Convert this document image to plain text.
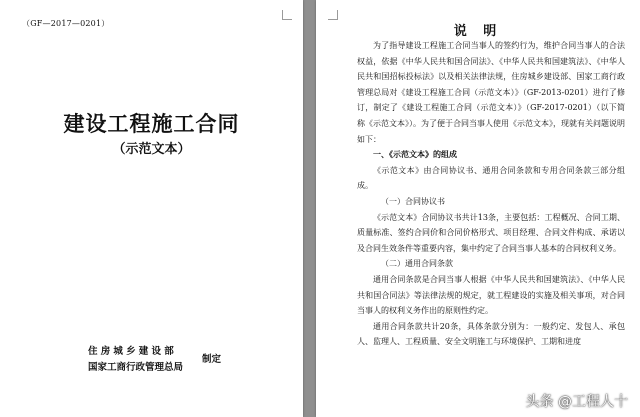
（GF—2017—0201）
建设工程施工合同
（示范文本）
住房城乡建设部
国家工商行政管理总局
制定
说 明

为了指导建设工程施工合同当事人的签约行为，维护合同当事人的合法权益，依据《中华人民共和国合同法》、《中华人民共和国建筑法》、《中华人民共和国招标投标法》以及相关法律法规，住房城乡建设部、国家工商行政管理总局对《建设工程施工合同（示范文本）》（GF-2013-0201）进行了修订，制定了《建设工程施工合同（示范文本）》（GF-2017-0201）（以下简称《示范文本》）。为了便于合同当事人使用《示范文本》，现就有关问题说明如下：

一、《示范文本》的组成

《示范文本》由合同协议书、通用合同条款和专用合同条款三部分组成。

（一）合同协议书

《示范文本》合同协议书共计13条，主要包括：工程概况、合同工期、质量标准、签约合同价和合同价格形式、项目经理、合同文件构成、承诺以及合同生效条件等重要内容，集中约定了合同当事人基本的合同权利义务。

（二）通用合同条款

通用合同条款是合同当事人根据《中华人民共和国建筑法》、《中华人民共和国合同法》等法律法规的规定，就工程建设的实施及相关事项，对合同当事人的权利义务作出的原则性约定。

通用合同条款共计20条，具体条款分别为：一般约定、发包人、承包人、监理人、工程质量、安全文明施工与环境保护、工期和进度

头条 @工程人十
